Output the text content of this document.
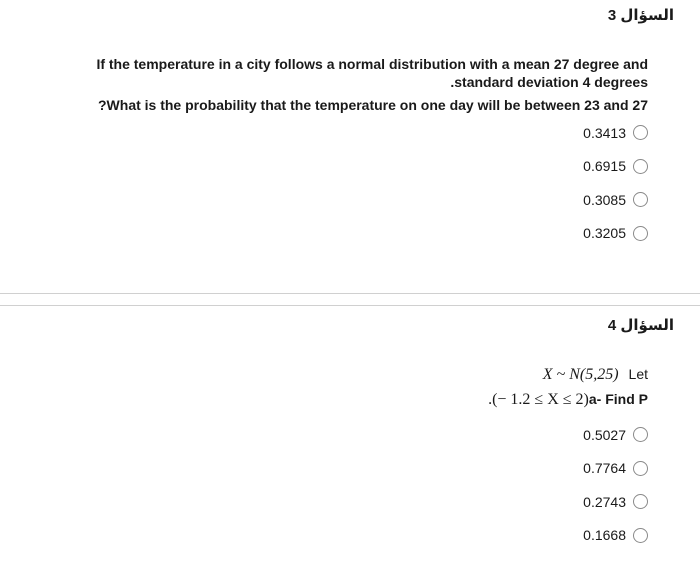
السؤال 3
If the temperature in a city follows a normal distribution with a mean 27 degree and
.standard deviation 4 degrees
?What is the probability that the temperature on one day will be between 23 and 27
0.3413
0.6915
0.3085
0.3205
السؤال 4
X ~ N(5,25) Let
.(− 1.2 ≤ X ≤ 2) a- Find P
0.5027
0.7764
0.2743
0.1668
